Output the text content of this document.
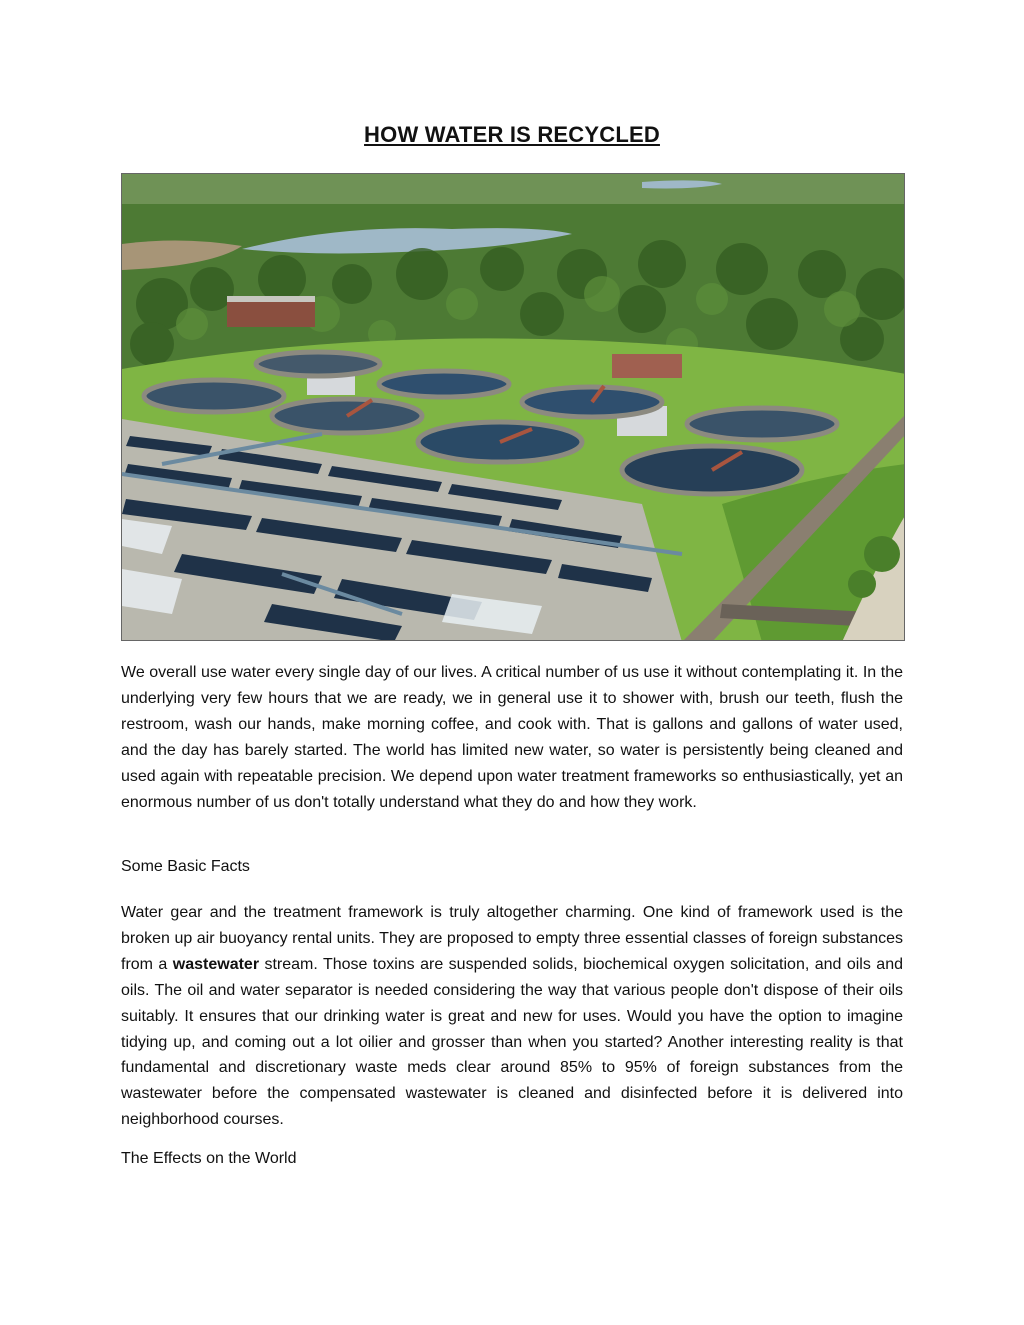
HOW WATER IS RECYCLED
We overall use water every single day of our lives. A critical number of us use it without contemplating it. In the underlying very few hours that we are ready, we in general use it to shower with, brush our teeth, flush the restroom, wash our hands, make morning coffee, and cook with. That is gallons and gallons of water used, and the day has barely started. The world has limited new water, so water is persistently being cleaned and used again with repeatable precision. We depend upon water treatment frameworks so enthusiastically, yet an enormous number of us don't totally understand what they do and how they work.
Some Basic Facts
Water gear and the treatment framework is truly altogether charming. One kind of framework used is the broken up air buoyancy rental units. They are proposed to empty three essential classes of foreign substances from a wastewater stream. Those toxins are suspended solids, biochemical oxygen solicitation, and oils and oils. The oil and water separator is needed considering the way that various people don't dispose of their oils suitably. It ensures that our drinking water is great and new for uses. Would you have the option to imagine tidying up, and coming out a lot oilier and grosser than when you started? Another interesting reality is that fundamental and discretionary waste meds clear around 85% to 95% of foreign substances from the wastewater before the compensated wastewater is cleaned and disinfected before it is delivered into neighborhood courses.
The Effects on the World
